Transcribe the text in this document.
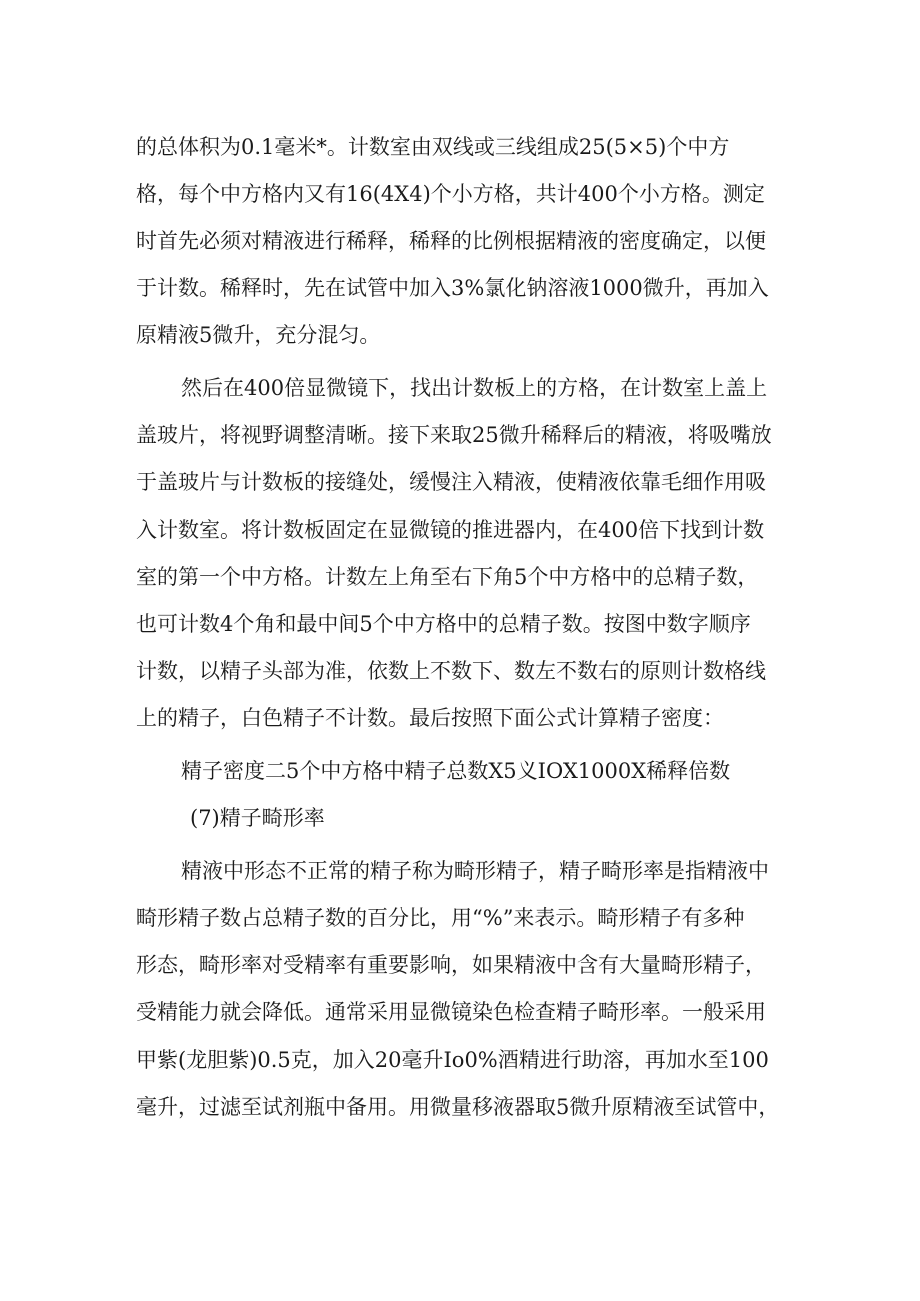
的总体积为0.1毫米*。计数室由双线或三线组成25(5×5)个中方
格，每个中方格内又有16(4X4)个小方格，共计400个小方格。测定
时首先必须对精液进行稀释，稀释的比例根据精液的密度确定，以便
于计数。稀释时，先在试管中加入3%氯化钠溶液1000微升，再加入
原精液5微升，充分混匀。
然后在400倍显微镜下，找出计数板上的方格，在计数室上盖上
盖玻片，将视野调整清晰。接下来取25微升稀释后的精液，将吸嘴放
于盖玻片与计数板的接缝处，缓慢注入精液，使精液依靠毛细作用吸
入计数室。将计数板固定在显微镜的推进器内，在400倍下找到计数
室的第一个中方格。计数左上角至右下角5个中方格中的总精子数，
也可计数4个角和最中间5个中方格中的总精子数。按图中数字顺序
计数，以精子头部为准，依数上不数下、数左不数右的原则计数格线
上的精子，白色精子不计数。最后按照下面公式计算精子密度：
精子密度二5个中方格中精子总数X5义IOX1000X稀释倍数
(7)精子畸形率
精液中形态不正常的精子称为畸形精子，精子畸形率是指精液中
畸形精子数占总精子数的百分比，用“%”来表示。畸形精子有多种
形态，畸形率对受精率有重要影响，如果精液中含有大量畸形精子，
受精能力就会降低。通常采用显微镜染色检查精子畸形率。一般采用
甲紫(龙胆紫)0.5克，加入20毫升Io0%酒精进行助溶，再加水至100
毫升，过滤至试剂瓶中备用。用微量移液器取5微升原精液至试管中，
